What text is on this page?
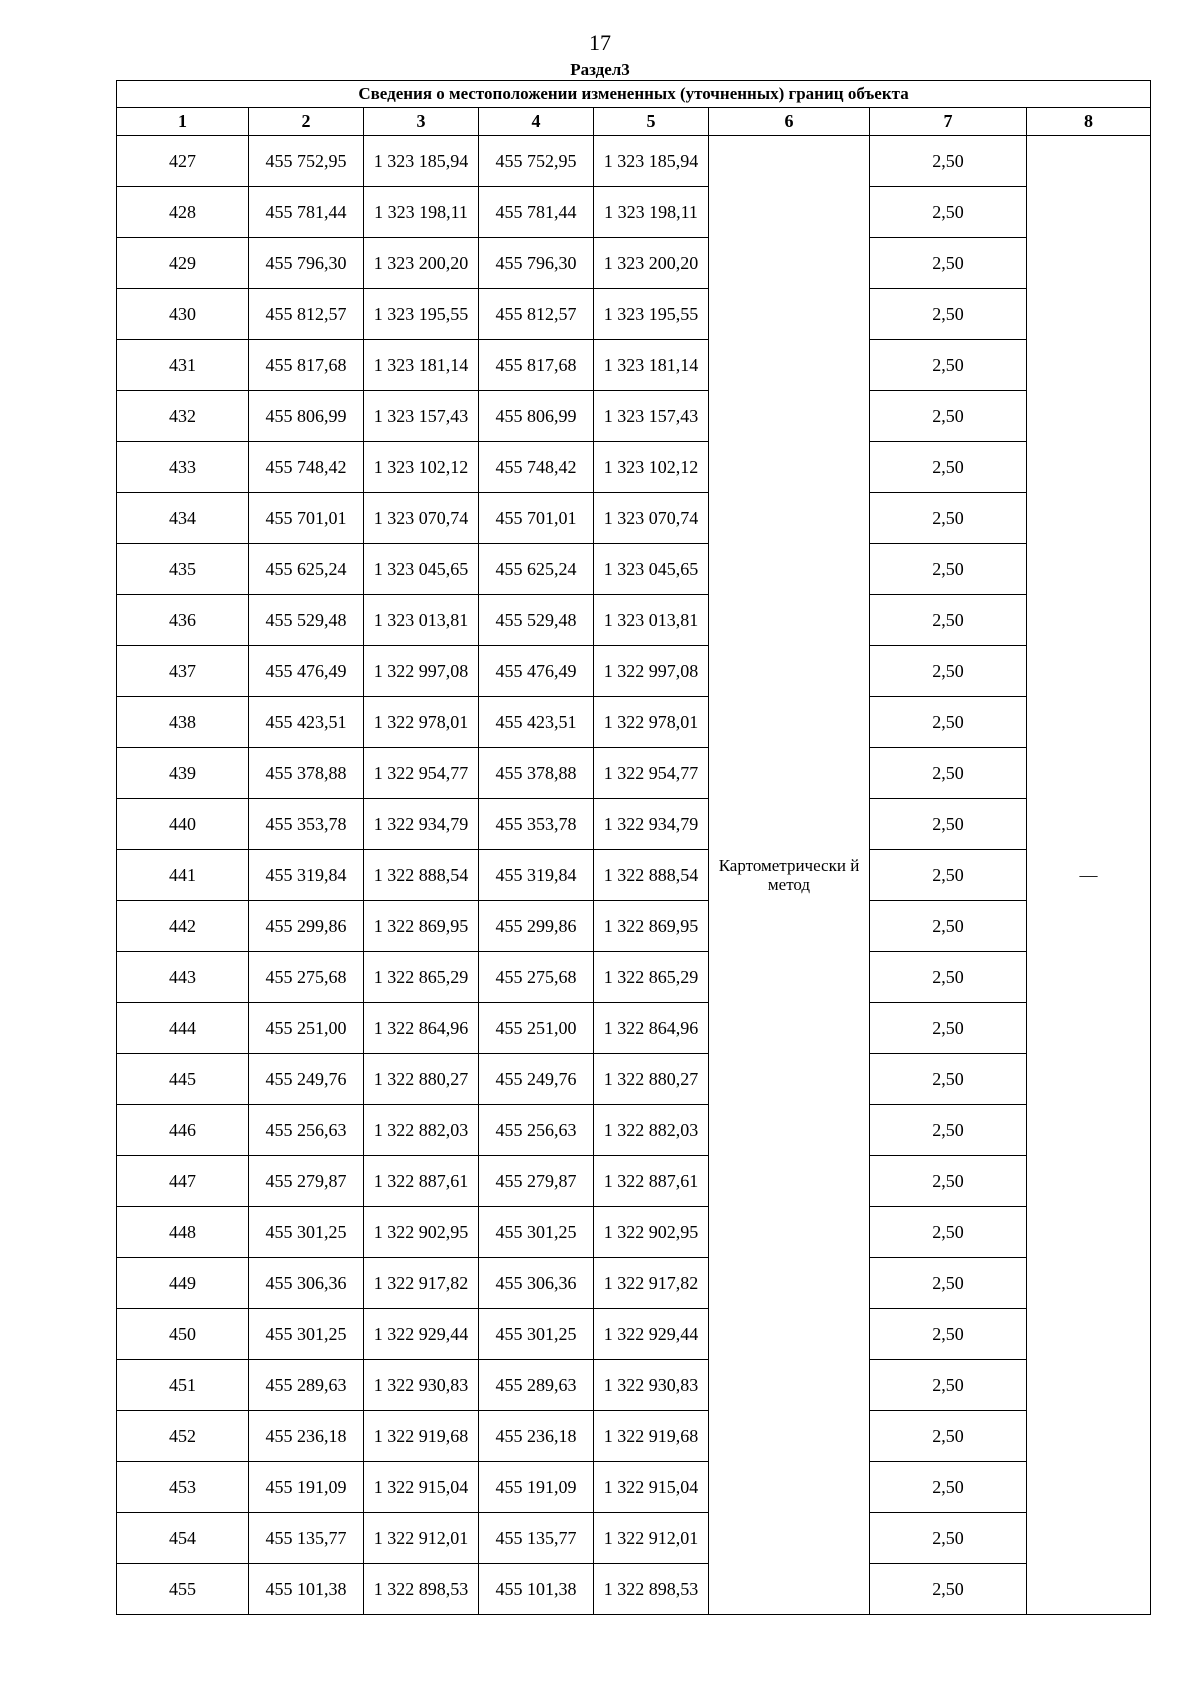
17
Раздел3
Сведения о местоположении измененных (уточненных) границ объекта							
1	2	3	4	5	6	7	8
427	455 752,95	1 323 185,94	455 752,95	1 323 185,94	Картометрически й метод	2,50	—
428	455 781,44	1 323 198,11	455 781,44	1 323 198,11		2,50	
429	455 796,30	1 323 200,20	455 796,30	1 323 200,20		2,50	
430	455 812,57	1 323 195,55	455 812,57	1 323 195,55		2,50	
431	455 817,68	1 323 181,14	455 817,68	1 323 181,14		2,50	
432	455 806,99	1 323 157,43	455 806,99	1 323 157,43		2,50	
433	455 748,42	1 323 102,12	455 748,42	1 323 102,12		2,50	
434	455 701,01	1 323 070,74	455 701,01	1 323 070,74		2,50	
435	455 625,24	1 323 045,65	455 625,24	1 323 045,65		2,50	
436	455 529,48	1 323 013,81	455 529,48	1 323 013,81		2,50	
437	455 476,49	1 322 997,08	455 476,49	1 322 997,08		2,50	
438	455 423,51	1 322 978,01	455 423,51	1 322 978,01		2,50	
439	455 378,88	1 322 954,77	455 378,88	1 322 954,77		2,50	
440	455 353,78	1 322 934,79	455 353,78	1 322 934,79		2,50	
441	455 319,84	1 322 888,54	455 319,84	1 322 888,54		2,50	
442	455 299,86	1 322 869,95	455 299,86	1 322 869,95		2,50	
443	455 275,68	1 322 865,29	455 275,68	1 322 865,29		2,50	
444	455 251,00	1 322 864,96	455 251,00	1 322 864,96		2,50	
445	455 249,76	1 322 880,27	455 249,76	1 322 880,27		2,50	
446	455 256,63	1 322 882,03	455 256,63	1 322 882,03		2,50	
447	455 279,87	1 322 887,61	455 279,87	1 322 887,61		2,50	
448	455 301,25	1 322 902,95	455 301,25	1 322 902,95		2,50	
449	455 306,36	1 322 917,82	455 306,36	1 322 917,82		2,50	
450	455 301,25	1 322 929,44	455 301,25	1 322 929,44		2,50	
451	455 289,63	1 322 930,83	455 289,63	1 322 930,83		2,50	
452	455 236,18	1 322 919,68	455 236,18	1 322 919,68		2,50	
453	455 191,09	1 322 915,04	455 191,09	1 322 915,04		2,50	
454	455 135,77	1 322 912,01	455 135,77	1 322 912,01		2,50	
455	455 101,38	1 322 898,53	455 101,38	1 322 898,53		2,50	
